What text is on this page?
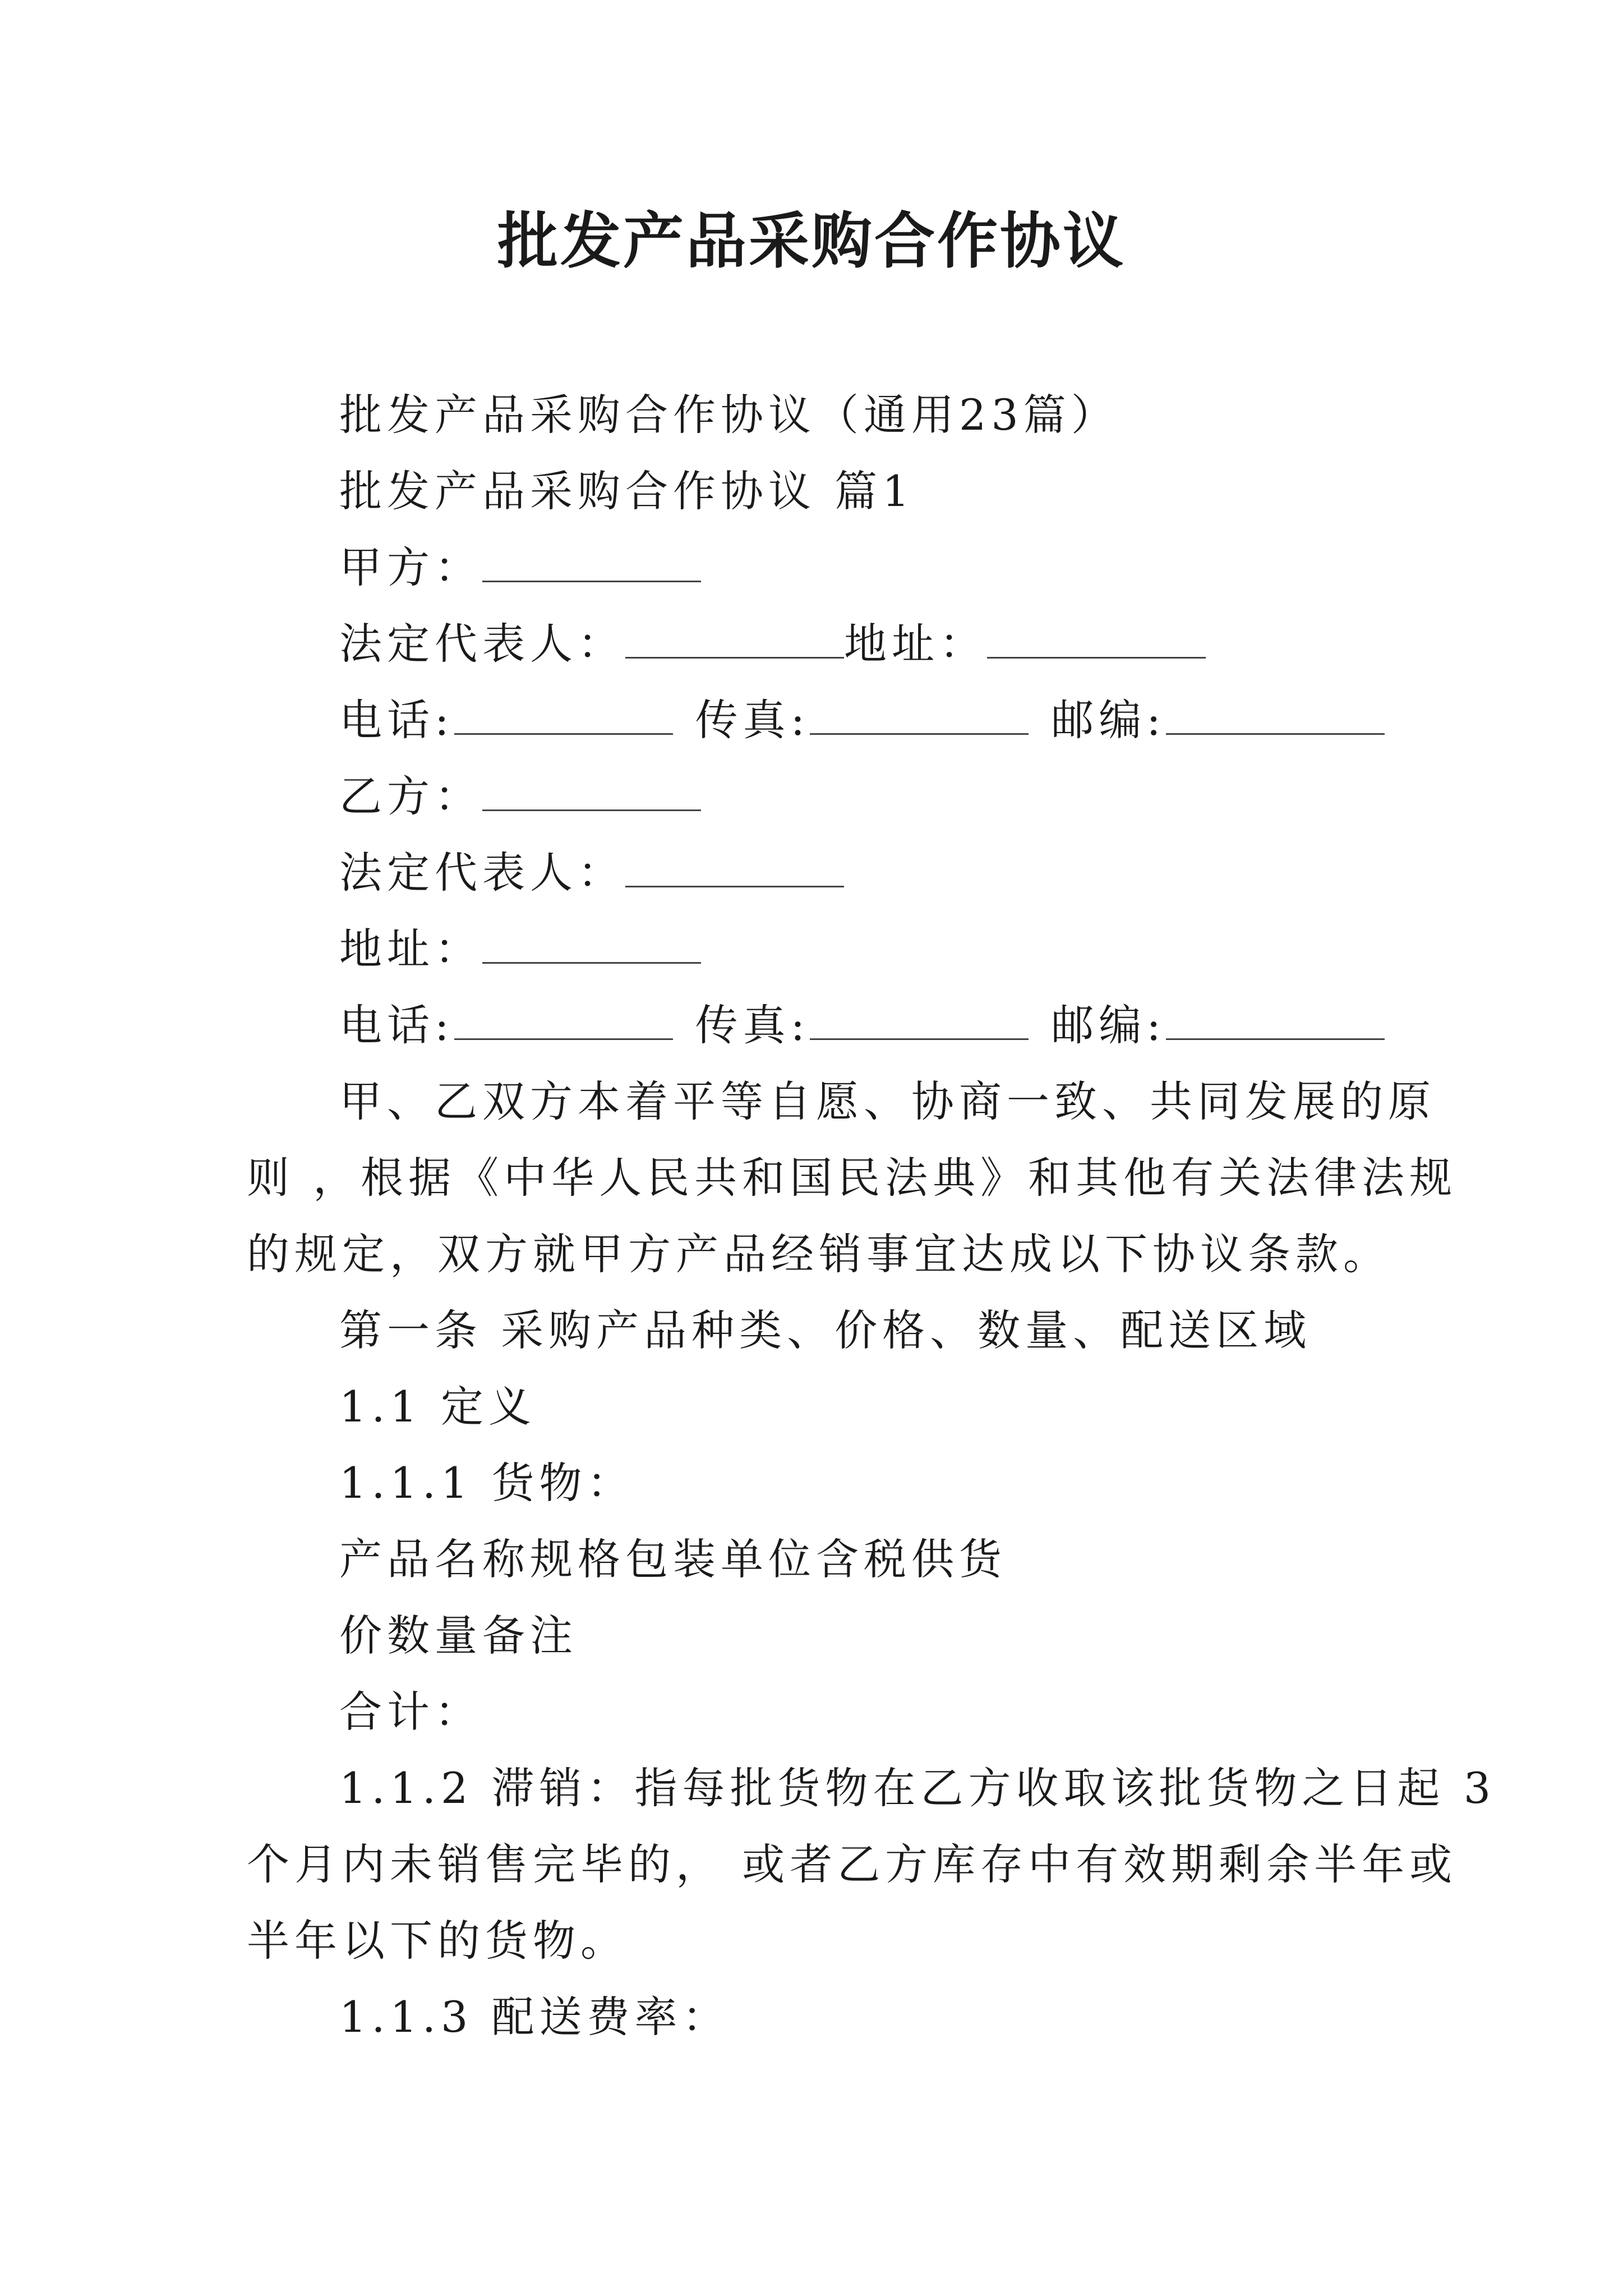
批发产品采购合作协议
批发产品采购合作协议（通用23篇）
批发产品采购合作协议 篇1
甲方：
法定代表人：	地址：
电话:	传真:	邮编:
乙方：
法定代表人：
地址：
电话:	传真:	邮编:
甲、乙双方本着平等自愿、协商一致、共同发展的原
则 ，根据《中华人民共和国民法典》和其他有关法律法规
的规定，双方就甲方产品经销事宜达成以下协议条款。
第一条 采购产品种类、价格、数量、配送区域
1.1 定义
1.1.1 货物：
产品名称规格包装单位含税供货
价数量备注
合计：
1.1.2 滞销：指每批货物在乙方收取该批货物之日起 3
个月内未销售完毕的， 或者乙方库存中有效期剩余半年或
半年以下的货物。
1.1.3 配送费率：
